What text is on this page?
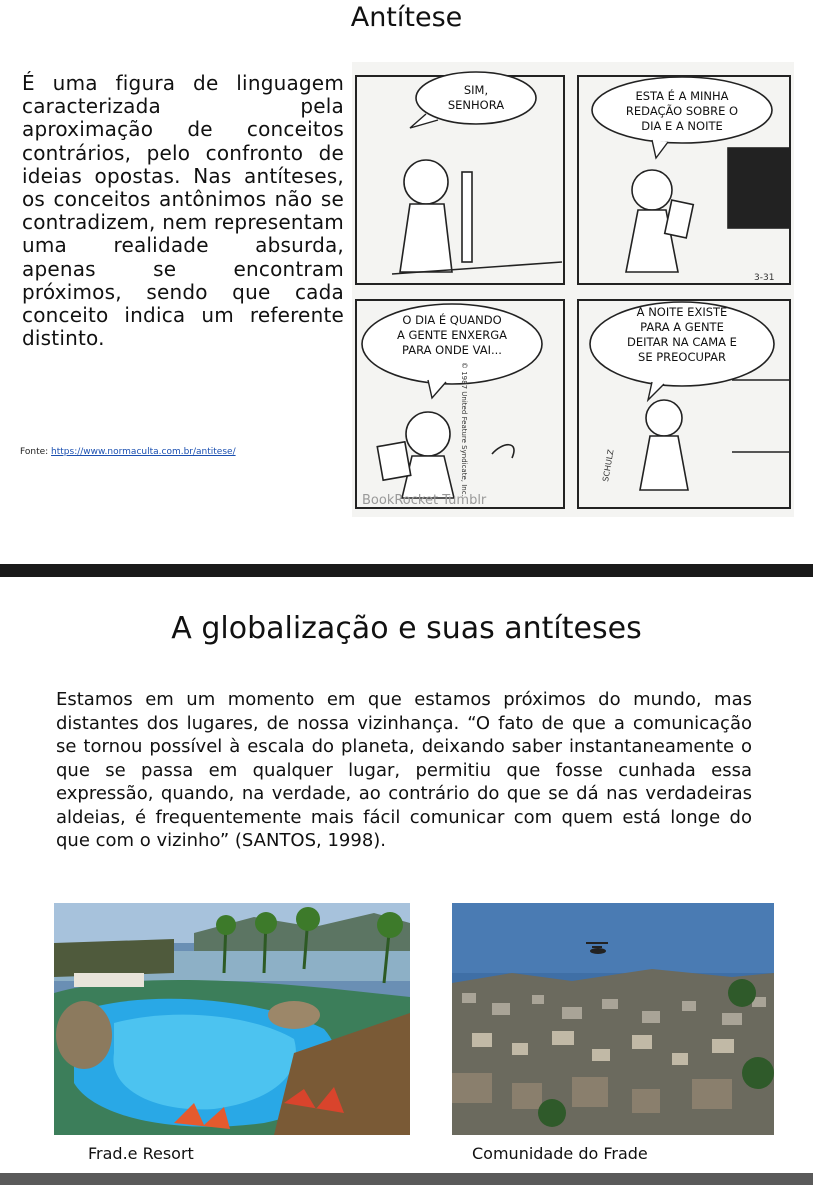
Antítese
É uma figura de linguagem caracterizada pela aproximação de conceitos contrários, pelo confronto de ideias opostas. Nas antíteses, os conceitos antônimos não se contradizem, nem representam uma realidade absurda, apenas se encontram próximos, sendo que cada conceito indica um referente distinto.
Fonte: https://www.normaculta.com.br/antitese/
SIM, SENHORA
ESTA É A MINHA REDAÇÃO SOBRE O DIA E A NOITE
O DIA É QUANDO A GENTE ENXERGA PARA ONDE VAI...
A NOITE EXISTE PARA A GENTE DEITAR NA CAMA E SE PREOCUPAR
3-31
SCHULZ
© 1987 United Feature Syndicate, Inc.
BookRocket Tumblr
A globalização e suas antíteses
Estamos em um momento em que estamos próximos do mundo, mas distantes dos lugares, de nossa vizinhança. “O fato de que a comunicação se tornou possível à escala do planeta, deixando saber instantaneamente o que se passa em qualquer lugar, permitiu que fosse cunhada essa expressão, quando, na verdade, ao contrário do que se dá nas verdadeiras aldeias, é frequentemente mais fácil comunicar com quem está longe do que com o vizinho” (SANTOS, 1998).
Frad.e Resort	Comunidade do Frade
